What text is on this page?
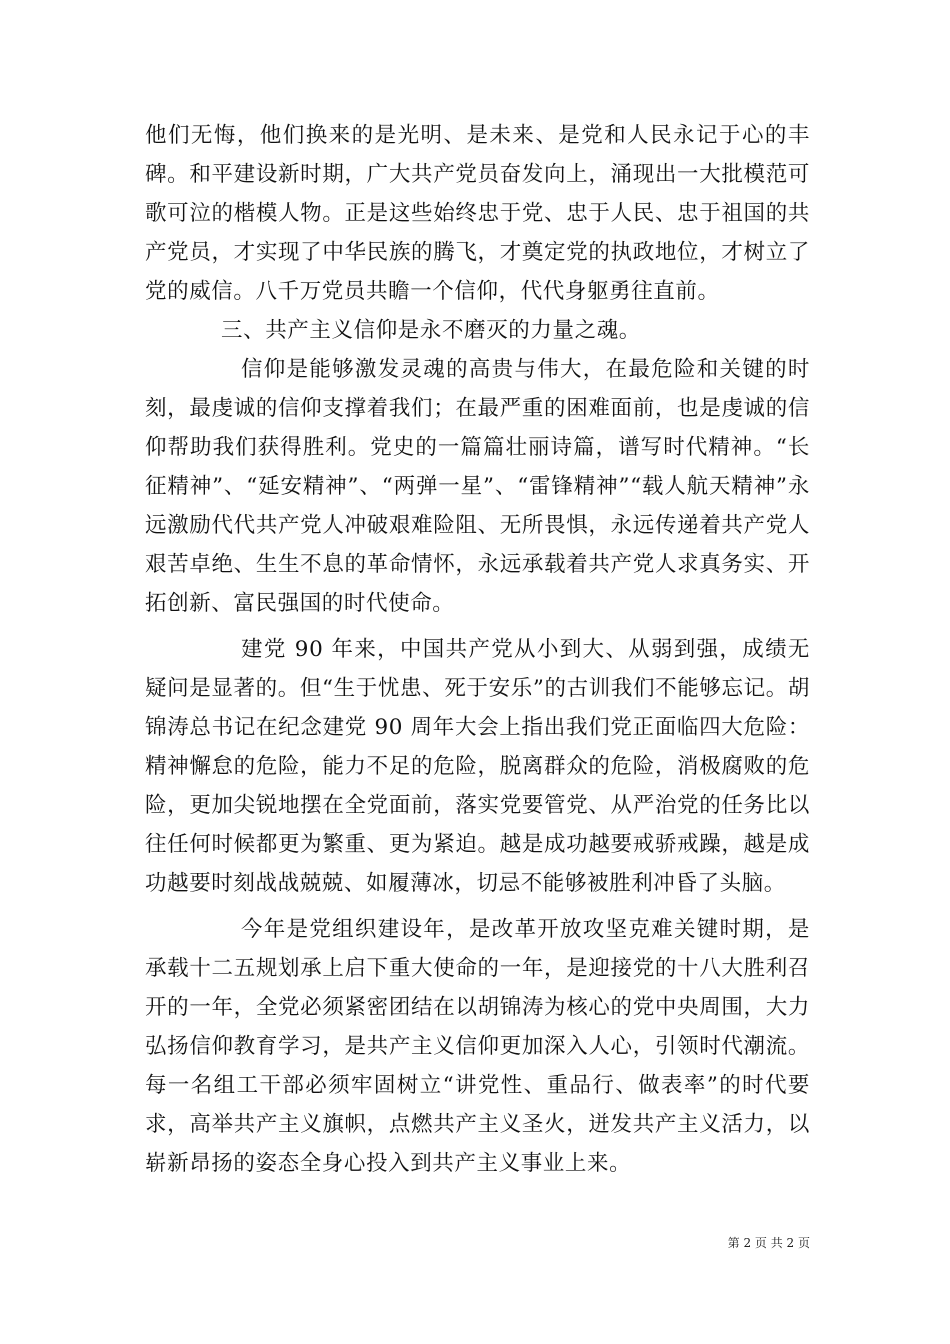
他们无悔，他们换来的是光明、是未来、是党和人民永记于心的丰碑。和平建设新时期，广大共产党员奋发向上，涌现出一大批模范可歌可泣的楷模人物。正是这些始终忠于党、忠于人民、忠于祖国的共产党员，才实现了中华民族的腾飞，才奠定党的执政地位，才树立了党的威信。八千万党员共瞻一个信仰，代代身躯勇往直前。

三、共产主义信仰是永不磨灭的力量之魂。

信仰是能够激发灵魂的高贵与伟大，在最危险和关键的时刻，最虔诚的信仰支撑着我们；在最严重的困难面前，也是虔诚的信仰帮助我们获得胜利。党史的一篇篇壮丽诗篇，谱写时代精神。“长征精神”、“延安精神”、“两弹一星”、“雷锋精神”“载人航天精神”永远激励代代共产党人冲破艰难险阻、无所畏惧，永远传递着共产党人艰苦卓绝、生生不息的革命情怀，永远承载着共产党人求真务实、开拓创新、富民强国的时代使命。

建党 90 年来，中国共产党从小到大、从弱到强，成绩无疑问是显著的。但“生于忧患、死于安乐”的古训我们不能够忘记。胡锦涛总书记在纪念建党 90 周年大会上指出我们党正面临四大危险：精神懈怠的危险，能力不足的危险，脱离群众的危险，消极腐败的危险，更加尖锐地摆在全党面前，落实党要管党、从严治党的任务比以往任何时候都更为繁重、更为紧迫。越是成功越要戒骄戒躁，越是成功越要时刻战战兢兢、如履薄冰，切忌不能够被胜利冲昏了头脑。

今年是党组织建设年，是改革开放攻坚克难关键时期，是承载十二五规划承上启下重大使命的一年，是迎接党的十八大胜利召开的一年，全党必须紧密团结在以胡锦涛为核心的党中央周围，大力弘扬信仰教育学习，是共产主义信仰更加深入人心，引领时代潮流。每一名组工干部必须牢固树立“讲党性、重品行、做表率”的时代要求，高举共产主义旗帜，点燃共产主义圣火，迸发共产主义活力，以崭新昂扬的姿态全身心投入到共产主义事业上来。

第 2 页 共 2 页
